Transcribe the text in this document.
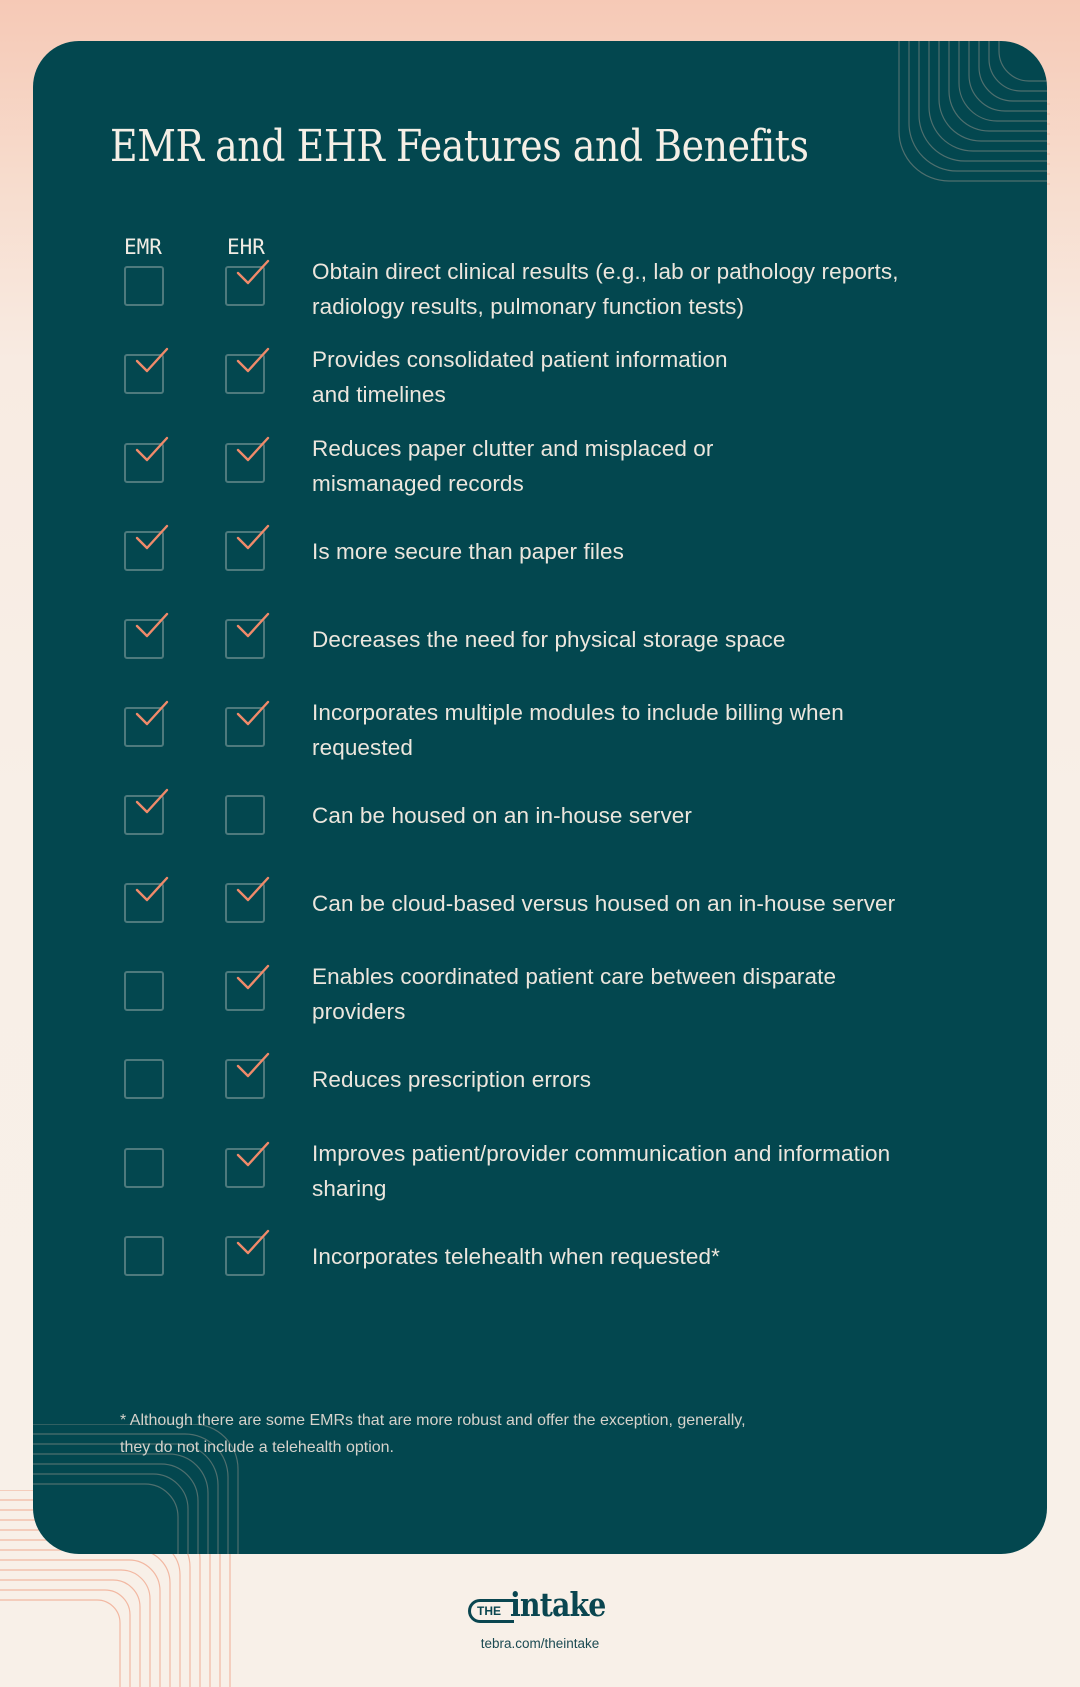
EMR and EHR Features and Benefits
EMR	EHR
Obtain direct clinical results (e.g., lab or pathology reports,
radiology results, pulmonary function tests)
Provides consolidated patient information
and timelines
Reduces paper clutter and misplaced or
mismanaged records
Is more secure than paper files
Decreases the need for physical storage space
Incorporates multiple modules to include billing when
requested
Can be housed on an in-house server
Can be cloud-based versus housed on an in-house server
Enables coordinated patient care between disparate
providers
Reduces prescription errors
Improves patient/provider communication and information
sharing
Incorporates telehealth when requested*
* Although there are some EMRs that are more robust and offer the exception, generally,
they do not include a telehealth option.
THE intake
tebra.com/theintake
